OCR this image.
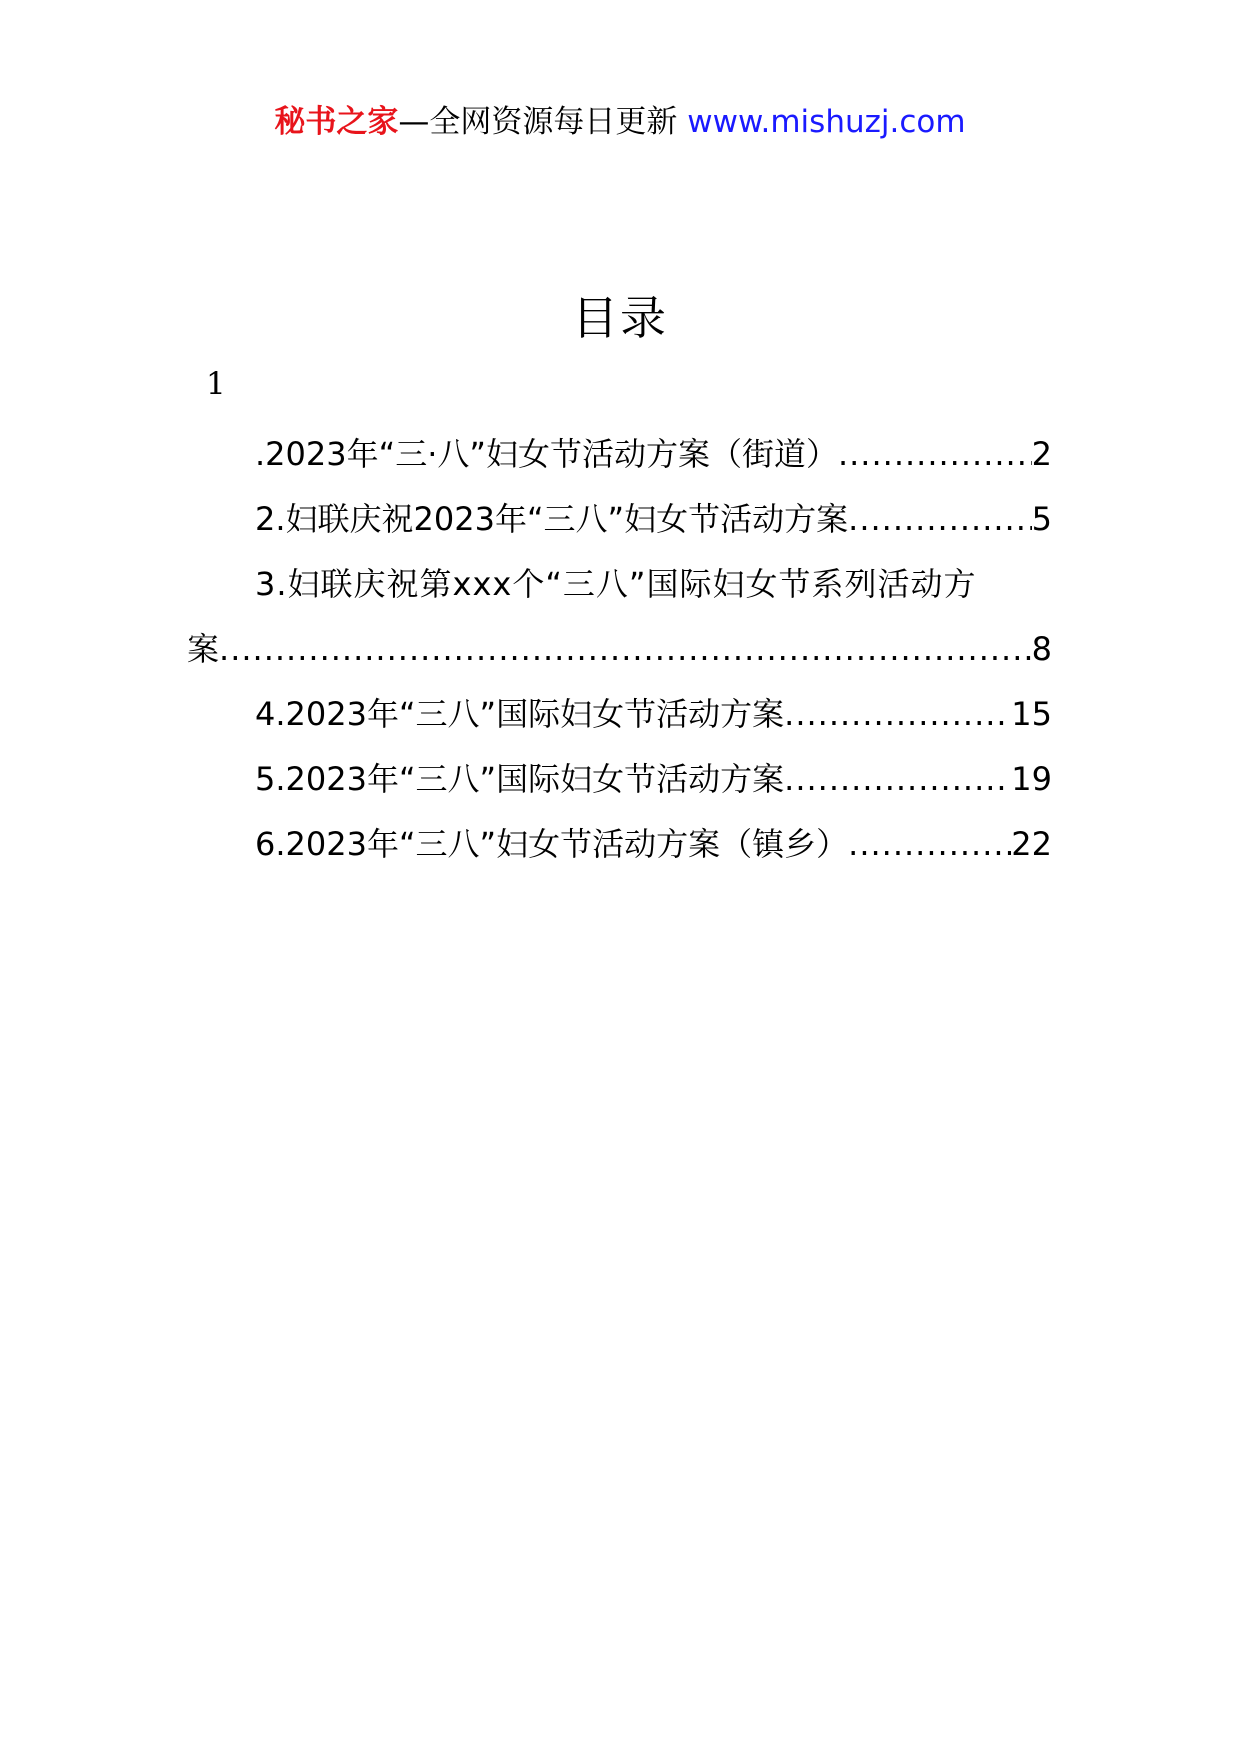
秘书之家—全网资源每日更新 www.mishuzj.com
目录
1
.2023年“三·八”妇女节活动方案（街道） .....	2
2.妇联庆祝2023年“三八”妇女节活动方案 .....	5
3.妇联庆祝第xxx个“三八”国际妇女节系列活动方
案 .....	8
4.2023年“三八”国际妇女节活动方案 .....	15
5.2023年“三八”国际妇女节活动方案 .....	19
6.2023年“三八”妇女节活动方案（镇乡） .....	22
